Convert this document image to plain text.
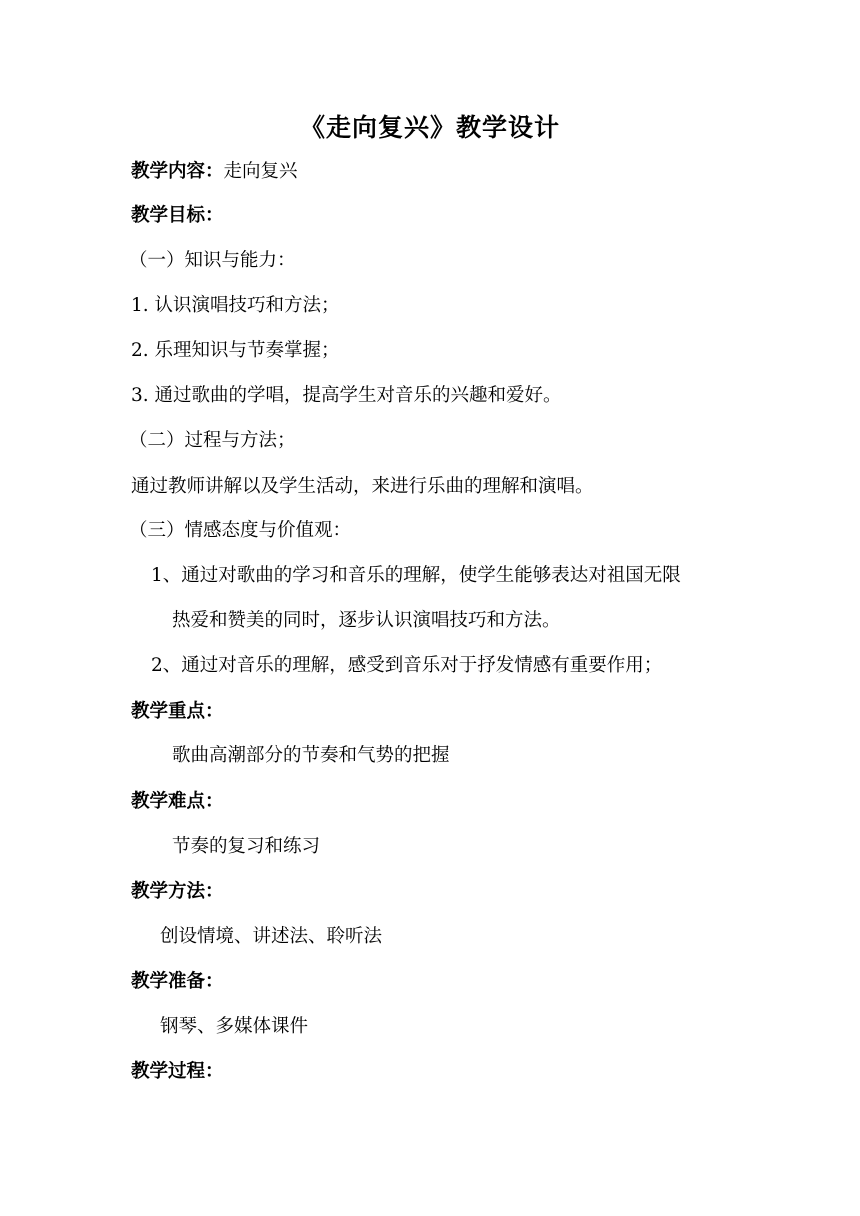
《走向复兴》教学设计
教学内容：走向复兴
教学目标：
（一）知识与能力：
1. 认识演唱技巧和方法；
2. 乐理知识与节奏掌握；
3. 通过歌曲的学唱，提高学生对音乐的兴趣和爱好。
（二）过程与方法；
通过教师讲解以及学生活动，来进行乐曲的理解和演唱。
（三）情感态度与价值观：
1、通过对歌曲的学习和音乐的理解，使学生能够表达对祖国无限
热爱和赞美的同时，逐步认识演唱技巧和方法。
2、通过对音乐的理解，感受到音乐对于抒发情感有重要作用；
教学重点：
歌曲高潮部分的节奏和气势的把握
教学难点：
节奏的复习和练习
教学方法：
创设情境、讲述法、聆听法
教学准备：
钢琴、多媒体课件
教学过程：
